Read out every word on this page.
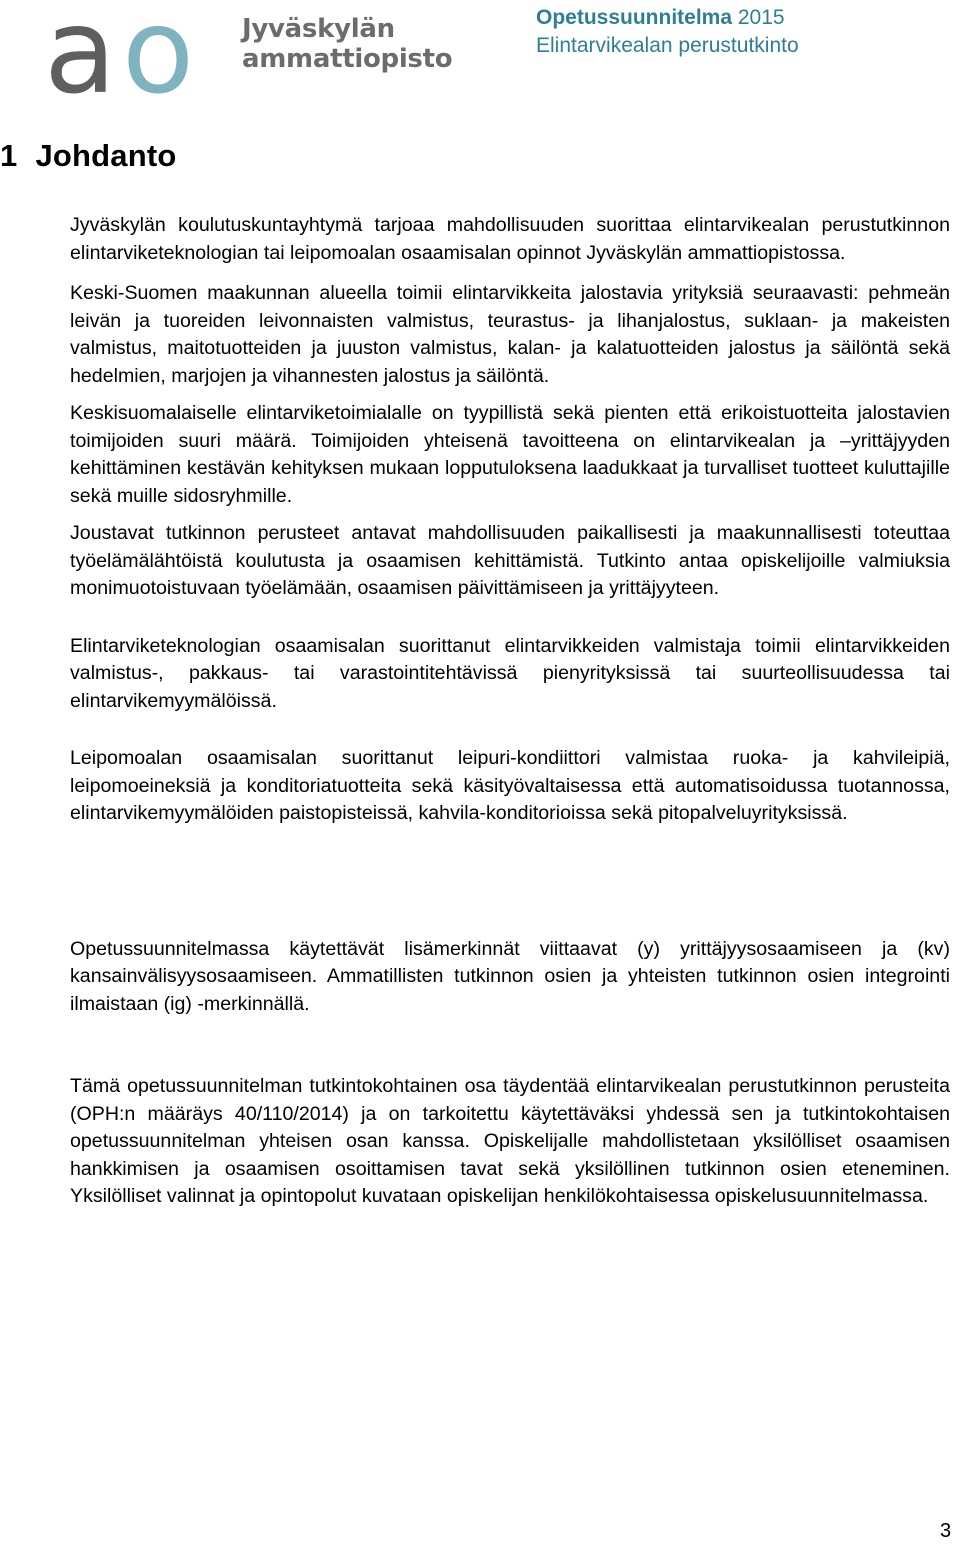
a o Jyväskylän
ammattiopisto
Opetussuunnitelma 2015
Elintarvikealan perustutkinto
1 Johdanto

Jyväskylän koulutuskuntayhtymä tarjoaa mahdollisuuden suorittaa elintarvikealan perustutkinnon elintarviketeknologian tai leipomoalan osaamisalan opinnot Jyväskylän ammattiopistossa.

Keski-Suomen maakunnan alueella toimii elintarvikkeita jalostavia yrityksiä seuraavasti: pehmeän leivän ja tuoreiden leivonnaisten valmistus, teurastus- ja lihanjalostus, suklaan- ja makeisten valmistus, maitotuotteiden ja juuston valmistus, kalan- ja kalatuotteiden jalostus ja säilöntä sekä hedelmien, marjojen ja vihannesten jalostus ja säilöntä.

Keskisuomalaiselle elintarviketoimialalle on tyypillistä sekä pienten että erikoistuotteita jalostavien toimijoiden suuri määrä. Toimijoiden yhteisenä tavoitteena on elintarvikealan ja –yrittäjyyden kehittäminen kestävän kehityksen mukaan lopputuloksena laadukkaat ja turvalliset tuotteet kuluttajille sekä muille sidosryhmille.

Joustavat tutkinnon perusteet antavat mahdollisuuden paikallisesti ja maakunnallisesti toteuttaa työelämälähtöistä koulutusta ja osaamisen kehittämistä. Tutkinto antaa opiskelijoille valmiuksia monimuotoistuvaan työelämään, osaamisen päivittämiseen ja yrittäjyyteen.

Elintarviketeknologian osaamisalan suorittanut elintarvikkeiden valmistaja toimii elintarvikkeiden valmistus-, pakkaus- tai varastointitehtävissä pienyrityksissä tai suurteollisuudessa tai elintarvikemyymälöissä.

Leipomoalan osaamisalan suorittanut leipuri-kondiittori valmistaa ruoka- ja kahvileipiä, leipomoeineksiä ja konditoriatuotteita sekä käsityövaltaisessa että automatisoidussa tuotannossa, elintarvikemyymälöiden paistopisteissä, kahvila-konditorioissa sekä pitopalveluyrityksissä.

Opetussuunnitelmassa käytettävät lisämerkinnät viittaavat (y) yrittäjyysosaamiseen ja (kv) kansainvälisyysosaamiseen. Ammatillisten tutkinnon osien ja yhteisten tutkinnon osien integrointi ilmaistaan (ig) -merkinnällä.

Tämä opetussuunnitelman tutkintokohtainen osa täydentää elintarvikealan perustutkinnon perusteita (OPH:n määräys 40/110/2014) ja on tarkoitettu käytettäväksi yhdessä sen ja tutkintokohtaisen opetussuunnitelman yhteisen osan kanssa. Opiskelijalle mahdollistetaan yksilölliset osaamisen hankkimisen ja osaamisen osoittamisen tavat sekä yksilöllinen tutkinnon osien eteneminen. Yksilölliset valinnat ja opintopolut kuvataan opiskelijan henkilökohtaisessa opiskelusuunnitelmassa.

3
